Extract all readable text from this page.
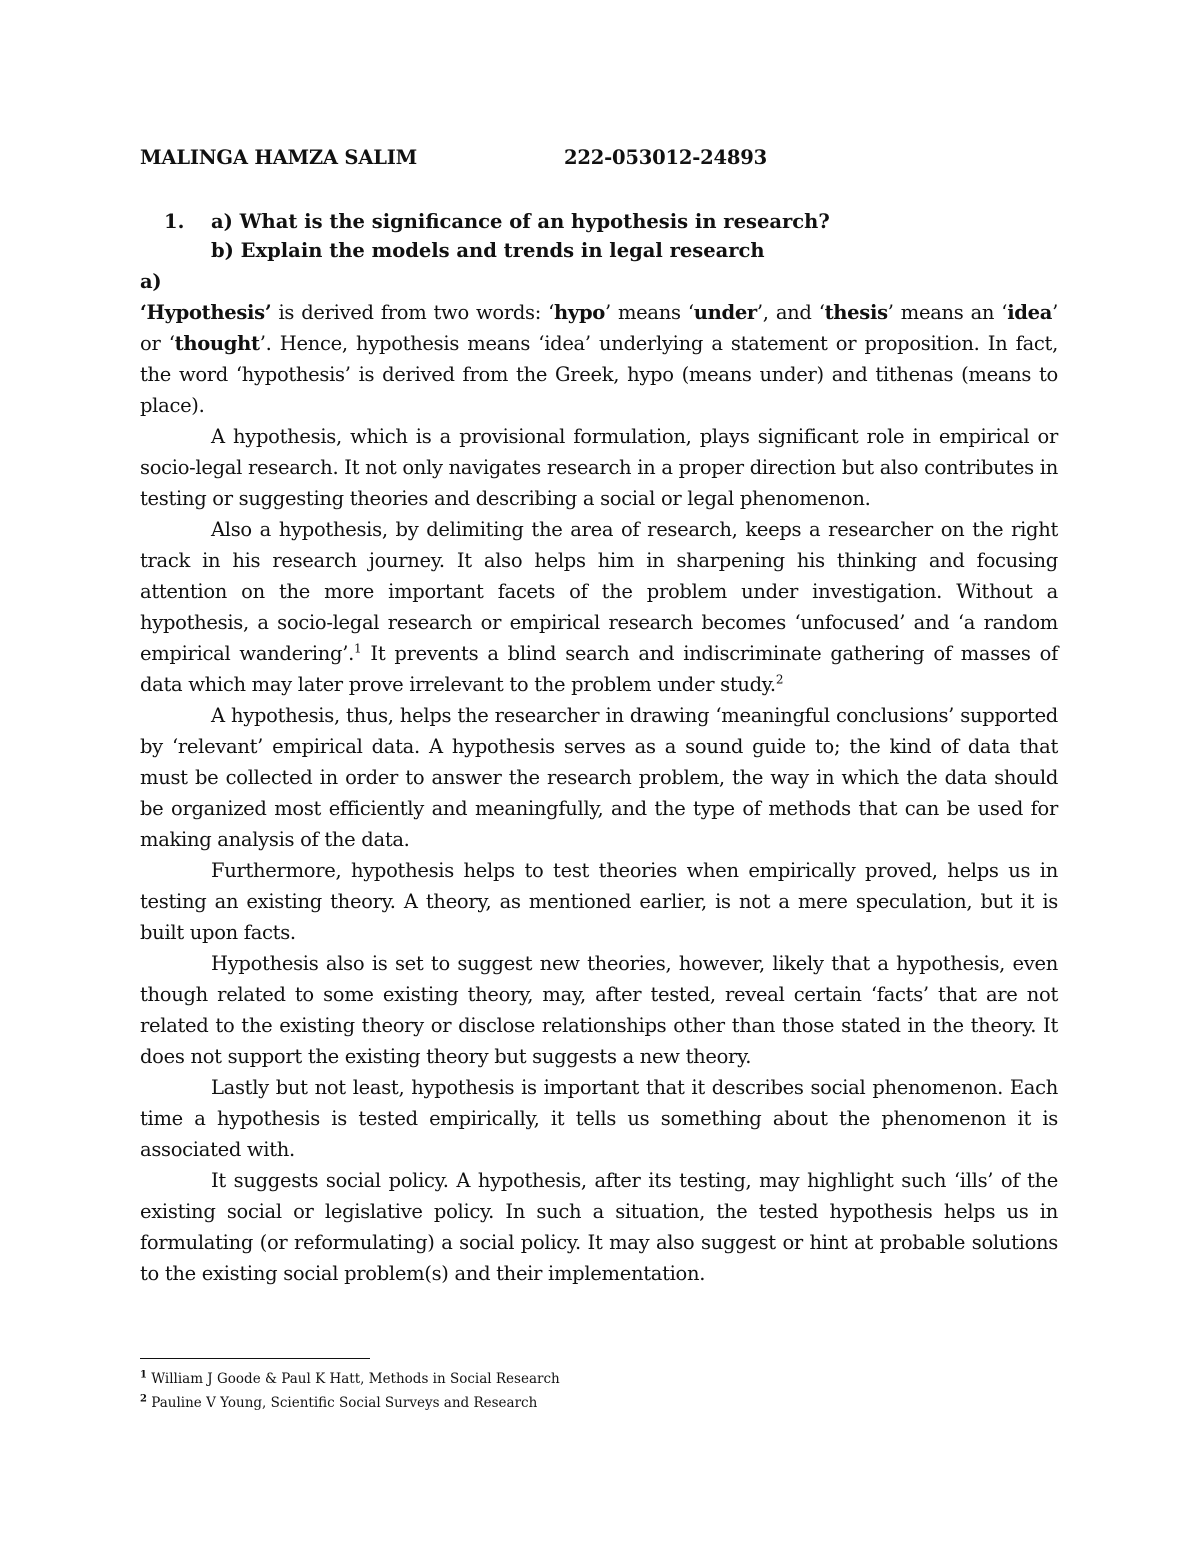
MALINGA HAMZA SALIM	222-053012-24893
1. a) What is the significance of an hypothesis in research?
b) Explain the models and trends in legal research
a)

‘Hypothesis’ is derived from two words: ‘hypo’ means ‘under’, and ‘thesis’ means an ‘idea’ or ‘thought’. Hence, hypothesis means ‘idea’ underlying a statement or proposition. In fact, the word ‘hypothesis’ is derived from the Greek, hypo (means under) and tithenas (means to place).

A hypothesis, which is a provisional formulation, plays significant role in empirical or socio-legal research. It not only navigates research in a proper direction but also contributes in testing or suggesting theories and describing a social or legal phenomenon.

Also a hypothesis, by delimiting the area of research, keeps a researcher on the right track in his research journey. It also helps him in sharpening his thinking and focusing attention on the more important facets of the problem under investigation. Without a hypothesis, a socio-legal research or empirical research becomes ‘unfocused’ and ‘a random empirical wandering’.$^1$ It prevents a blind search and indiscriminate gathering of masses of data which may later prove irrelevant to the problem under study.$^2$

A hypothesis, thus, helps the researcher in drawing ‘meaningful conclusions’ supported by ‘relevant’ empirical data. A hypothesis serves as a sound guide to; the kind of data that must be collected in order to answer the research problem, the way in which the data should be organized most efficiently and meaningfully, and the type of methods that can be used for making analysis of the data.

Furthermore, hypothesis helps to test theories when empirically proved, helps us in testing an existing theory. A theory, as mentioned earlier, is not a mere speculation, but it is built upon facts.

Hypothesis also is set to suggest new theories, however, likely that a hypothesis, even though related to some existing theory, may, after tested, reveal certain ‘facts’ that are not related to the existing theory or disclose relationships other than those stated in the theory. It does not support the existing theory but suggests a new theory.

Lastly but not least, hypothesis is important that it describes social phenomenon. Each time a hypothesis is tested empirically, it tells us something about the phenomenon it is associated with.

It suggests social policy. A hypothesis, after its testing, may highlight such ‘ills’ of the existing social or legislative policy. In such a situation, the tested hypothesis helps us in formulating (or reformulating) a social policy. It may also suggest or hint at probable solutions to the existing social problem(s) and their implementation.

$^1$ William J Goode & Paul K Hatt, Methods in Social Research
$^2$ Pauline V Young, Scientific Social Surveys and Research
